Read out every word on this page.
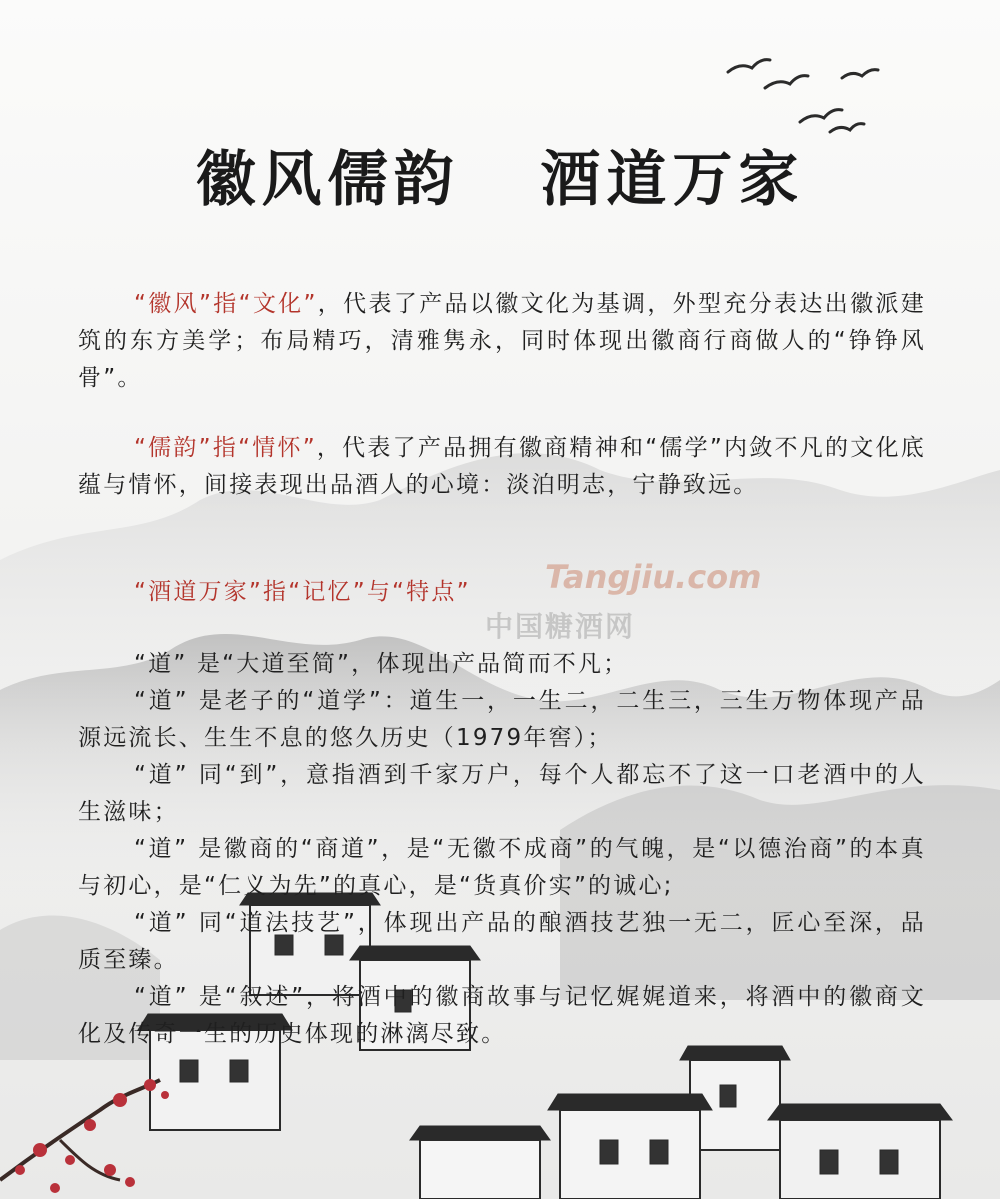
徽风儒韵   酒道万家
“徽风”指“文化”，代表了产品以徽文化为基调，外型充分表达出徽派建筑的东方美学；布局精巧，清雅隽永，同时体现出徽商行商做人的“铮铮风骨”。
“儒韵”指“情怀”，代表了产品拥有徽商精神和“儒学”内敛不凡的文化底蕴与情怀，间接表现出品酒人的心境：淡泊明志，宁静致远。
“酒道万家”指“记忆”与“特点”
“道” 是“大道至简”，体现出产品简而不凡；
“道” 是老子的“道学”：道生一，一生二，二生三，三生万物体现产品源远流长、生生不息的悠久历史（1979年窖）；
“道” 同“到”，意指酒到千家万户，每个人都忘不了这一口老酒中的人生滋味；
“道” 是徽商的“商道”，是“无徽不成商”的气魄，是“以德治商”的本真与初心，是“仁义为先”的真心，是“货真价实”的诚心;
“道” 同“道法技艺”，体现出产品的酿酒技艺独一无二，匠心至深，品质至臻。
“道” 是“叙述”，将酒中的徽商故事与记忆娓娓道来，将酒中的徽商文化及传奇一生的历史体现的淋漓尽致。
Tangjiu.com
中国糖酒网
